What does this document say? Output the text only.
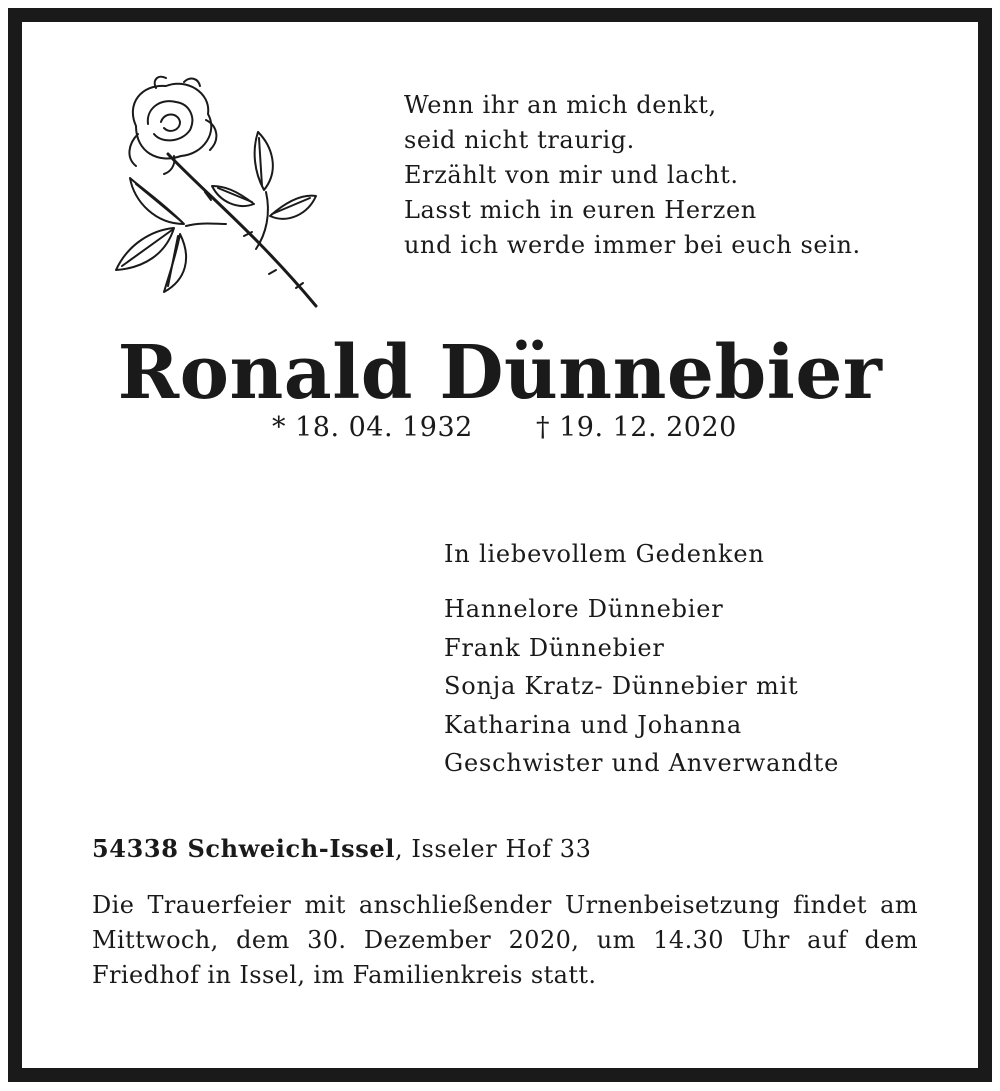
Wenn ihr an mich denkt,
seid nicht traurig.
Erzählt von mir und lacht.
Lasst mich in euren Herzen
und ich werde immer bei euch sein.
Ronald Dünnebier
* 18. 04. 1932 † 19. 12. 2020
In liebevollem Gedenken
Hannelore Dünnebier
Frank Dünnebier
Sonja Kratz- Dünnebier mit
Katharina und Johanna
Geschwister und Anverwandte
54338 Schweich-Issel, Isseler Hof 33
Die Trauerfeier mit anschließender Urnenbeisetzung findet am Mittwoch, dem 30. Dezember 2020, um 14.30 Uhr auf dem Friedhof in Issel, im Familienkreis statt.
